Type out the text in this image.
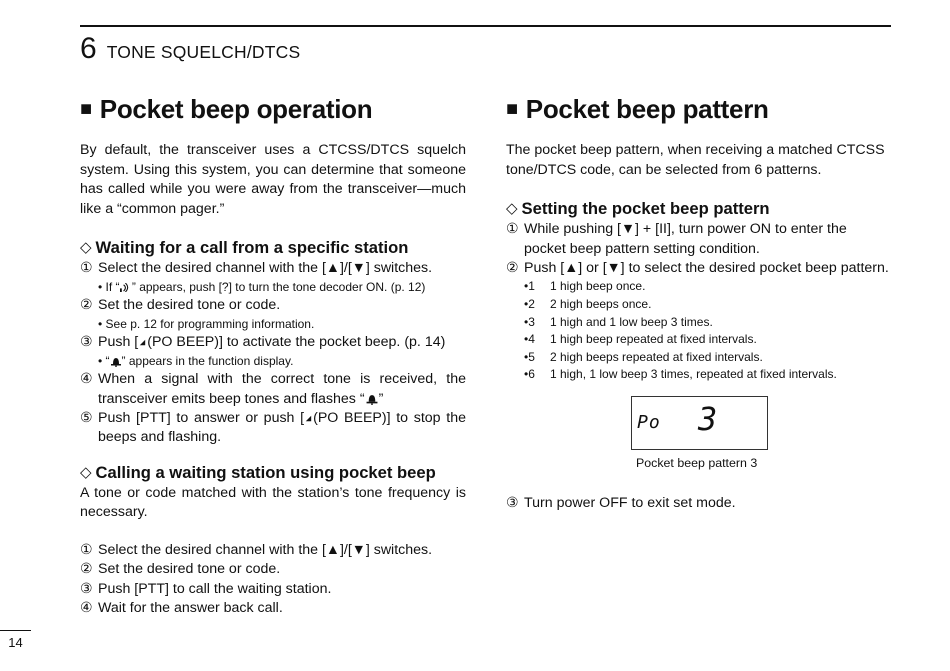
6 TONE SQUELCH/DTCS
■ Pocket beep operation

By default, the transceiver uses a CTCSS/DTCS squelch system. Using this system, you can determine that someone has called while you were away from the transceiver—much like a “common pager.”

◇ Waiting for a call from a specific station
① Select the desired channel with the [▲]/[▼] switches.
• If “ ” appears, push [?] to turn the tone decoder ON. (p. 12)
② Set the desired tone or code.
• See p. 12 for programming information.
③ Push [ (PO BEEP)] to activate the pocket beep. (p. 14)
• “ ” appears in the function display.
④ When a signal with the correct tone is received, the transceiver emits beep tones and flashes “ ”
⑤ Push [PTT] to answer or push [ (PO BEEP)] to stop the beeps and flashing.
◇ Calling a waiting station using pocket beep

A tone or code matched with the station’s tone frequency is necessary.

① Select the desired channel with the [▲]/[▼] switches.
② Set the desired tone or code.
③ Push [PTT] to call the waiting station.
④ Wait for the answer back call.
■ Pocket beep pattern

The pocket beep pattern, when receiving a matched CTCSS tone/DTCS code, can be selected from 6 patterns.

◇ Setting the pocket beep pattern
① While pushing [▼] + [II], turn power ON to enter the pocket beep pattern setting condition.
② Push [▲] or [▼] to select the desired pocket beep pattern.
•1	1 high beep once.
•2	2 high beeps once.
•3	1 high and 1 low beep 3 times.
•4	1 high beep repeated at fixed intervals.
•5	2 high beeps repeated at fixed intervals.
•6	1 high, 1 low beep 3 times, repeated at fixed intervals.
Po 3
Pocket beep pattern 3
③ Turn power OFF to exit set mode.
14
